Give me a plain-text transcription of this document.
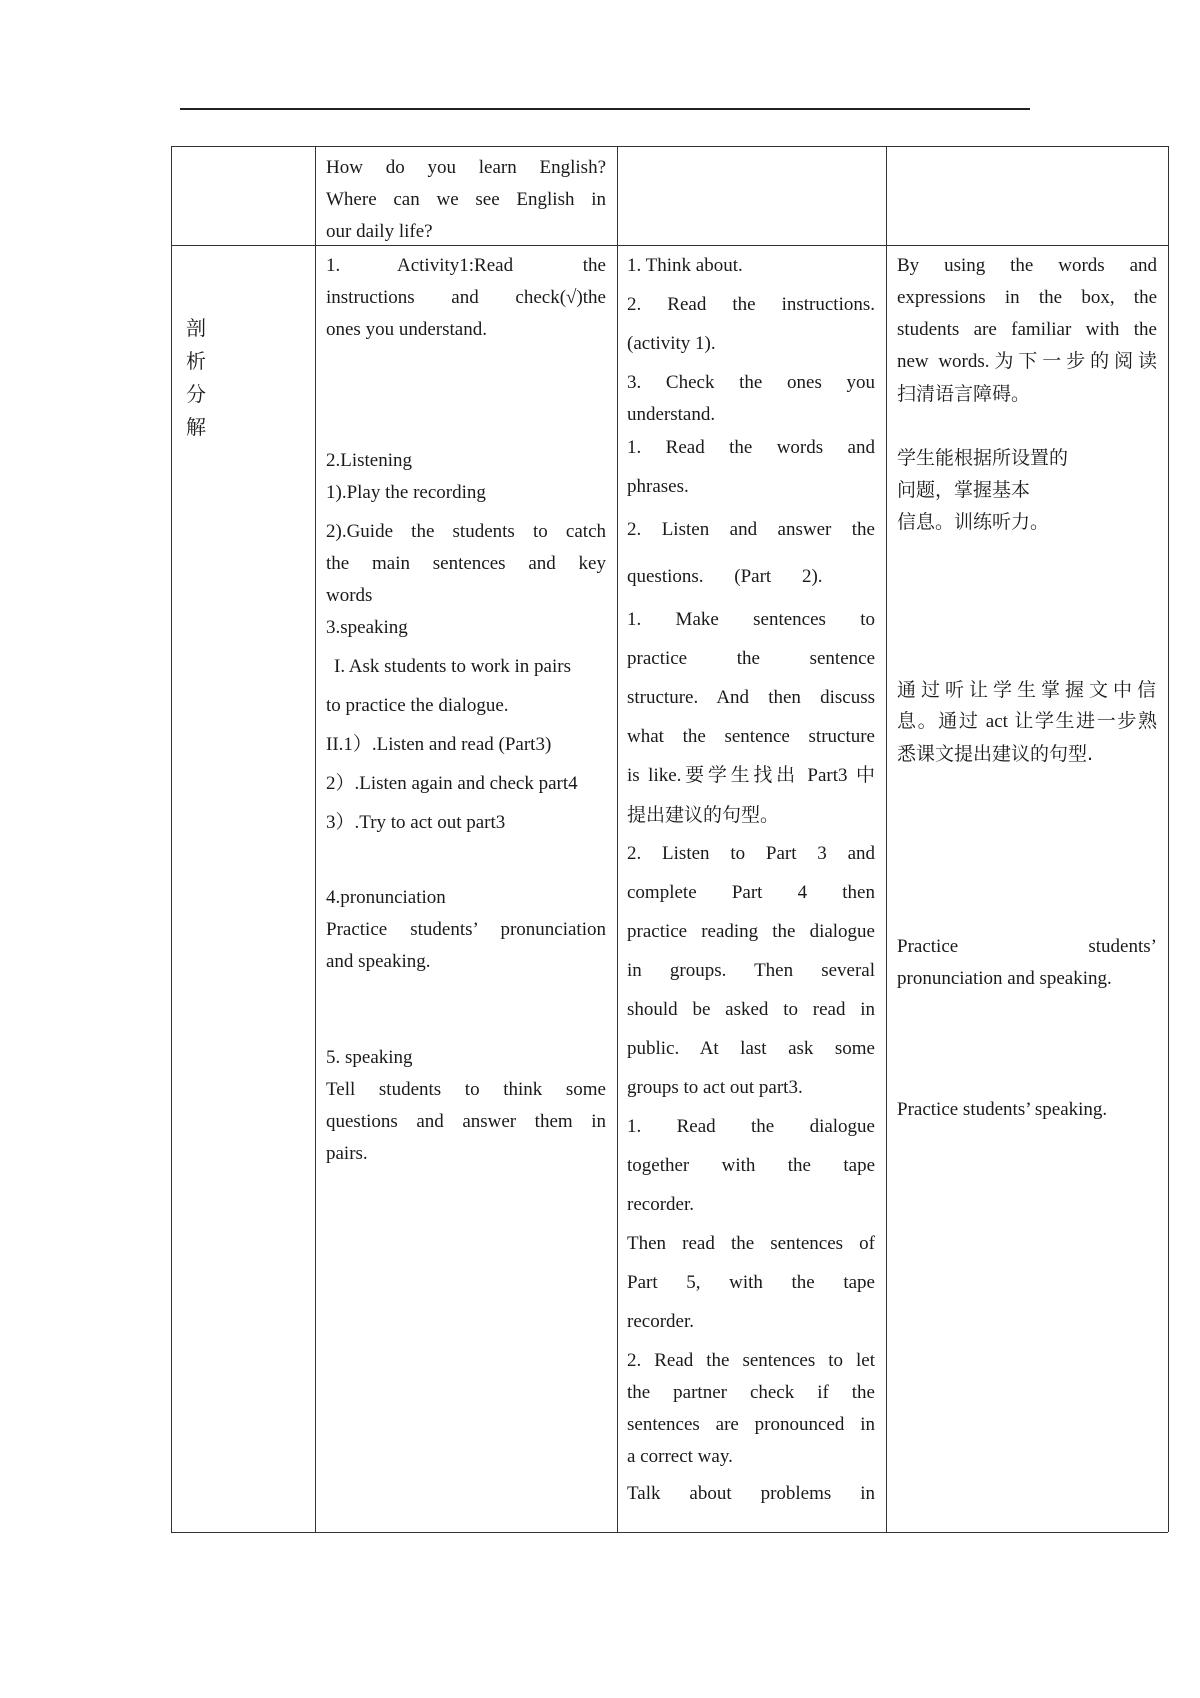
How do you learn English?

Where can we see English in

our daily life?

剖
析
分
解
1.	Activity1:Read	the

instructions and check(√)the

ones you understand.

2.Listening

1).Play the recording

2).Guide the students to catch

the main sentences and key

words

3.speaking

I. Ask students to work in pairs

to practice the dialogue.

II.1）.Listen and read (Part3)

2）.Listen again and check part4

3）.Try to act out part3

4.pronunciation

Practice students’ pronunciation

and speaking.

5. speaking

Tell students to think some

questions and answer them in

pairs.

1. Think about.

2. Read the instructions.

(activity 1).

3. Check the ones you

understand.

1. Read the words and

phrases.

2. Listen and answer the

questions. (Part 2).

1. Make sentences to

practice the sentence

structure. And then discuss

what the sentence structure

is like.要学生找出 Part3 中

提出建议的句型。

2. Listen to Part 3 and

complete Part 4 then

practice reading the dialogue

in groups. Then several

should be asked to read in

public. At last ask some

groups to act out part3.

1. Read the dialogue

together with the tape

recorder.

Then read the sentences of

Part 5, with the tape

recorder.

2. Read the sentences to let

the partner check if the

sentences are pronounced in

a correct way.

Talk about problems in

By using the words and

expressions in the box, the

students are familiar with the

new words.为下一步的阅读

扫清语言障碍。

学生能根据所设置的

问题，掌握基本

信息。训练听力。

通过听让学生掌握文中信

息。通过 act 让学生进一步熟

悉课文提出建议的句型.

Practice students’

pronunciation and speaking.

Practice students’ speaking.
